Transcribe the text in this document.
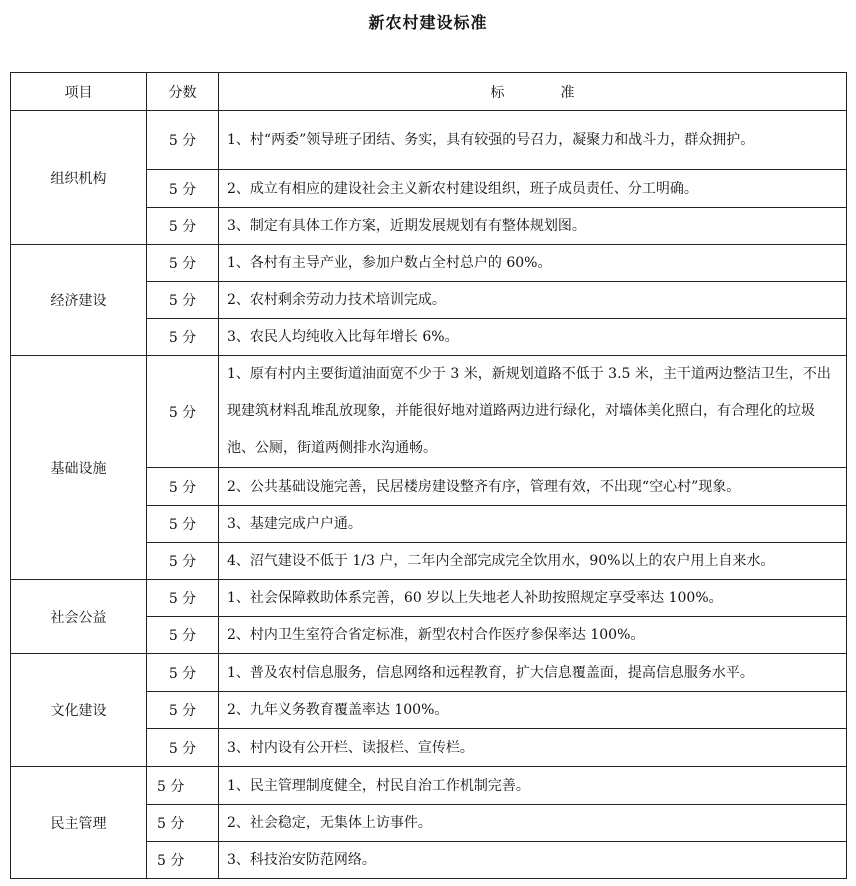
新农村建设标准
项目	分数	标　　　　准
组织机构	5 分	1、村“两委”领导班子团结、务实，具有较强的号召力，凝聚力和战斗力，群众拥护。
	5 分	2、成立有相应的建设社会主义新农村建设组织，班子成员责任、分工明确。
	5 分	3、制定有具体工作方案，近期发展规划有有整体规划图。
经济建设	5 分	1、各村有主导产业，参加户数占全村总户的 60%。
	5 分	2、农村剩余劳动力技术培训完成。
	5 分	3、农民人均纯收入比每年增长 6%。
基础设施	5 分	1、原有村内主要街道油面宽不少于 3 米，新规划道路不低于 3.5 米，主干道两边整洁卫生，不出现建筑材料乱堆乱放现象，并能很好地对道路两边进行绿化，对墙体美化照白，有合理化的垃圾池、公厕，街道两侧排水沟通畅。
	5 分	2、公共基础设施完善，民居楼房建设整齐有序，管理有效，不出现“空心村”现象。
	5 分	3、基建完成户户通。
	5 分	4、沼气建设不低于 1/3 户，二年内全部完成完全饮用水，90%以上的农户用上自来水。
社会公益	5 分	1、社会保障救助体系完善，60 岁以上失地老人补助按照规定享受率达 100%。
	5 分	2、村内卫生室符合省定标准，新型农村合作医疗参保率达 100%。
文化建设	5 分	1、普及农村信息服务，信息网络和远程教育，扩大信息覆盖面，提高信息服务水平。
	5 分	2、九年义务教育覆盖率达 100%。
	5 分	3、村内设有公开栏、读报栏、宣传栏。
民主管理	5 分	1、民主管理制度健全，村民自治工作机制完善。
	5 分	2、社会稳定，无集体上访事件。
	5 分	3、科技治安防范网络。
